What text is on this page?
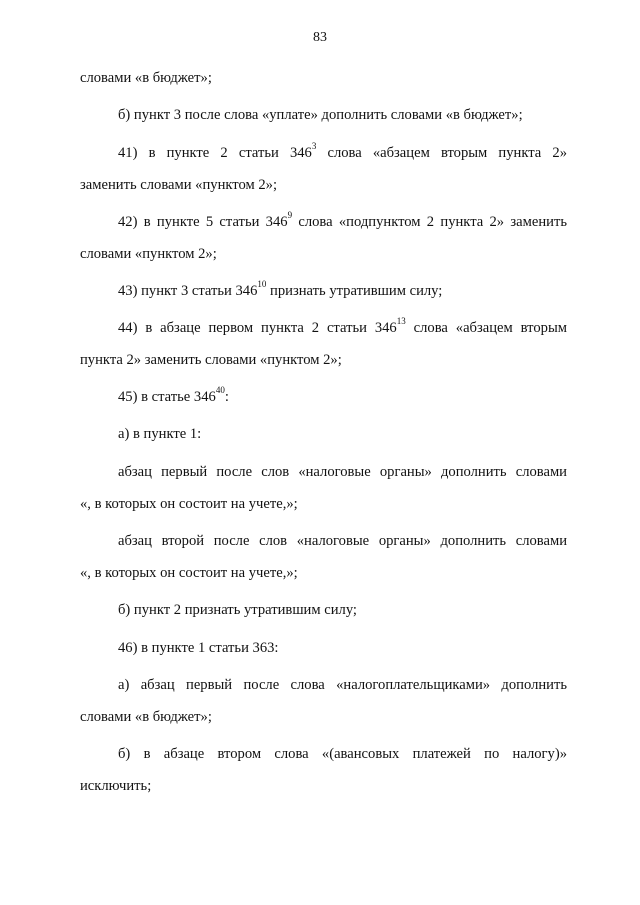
83
словами «в бюджет»;
б) пункт 3 после слова «уплате» дополнить словами «в бюджет»;
41) в пункте 2 статьи $346^3$ слова «абзацем вторым пункта 2»
заменить словами «пунктом 2»;
42) в пункте 5 статьи $346^9$ слова «подпунктом 2 пункта 2» заменить
словами «пунктом 2»;
43) пункт 3 статьи $346^{10}$ признать утратившим силу;
44) в абзаце первом пункта 2 статьи $346^{13}$ слова «абзацем вторым
пункта 2» заменить словами «пунктом 2»;
45) в статье $346^{40}$:
а) в пункте 1:
абзац первый после слов «налоговые органы» дополнить словами
«, в которых он состоит на учете,»;
абзац второй после слов «налоговые органы» дополнить словами
«, в которых он состоит на учете,»;
б) пункт 2 признать утратившим силу;
46) в пункте 1 статьи 363:
а) абзац первый после слова «налогоплательщиками» дополнить
словами «в бюджет»;
б) в абзаце втором слова «(авансовых платежей по налогу)»
исключить;
